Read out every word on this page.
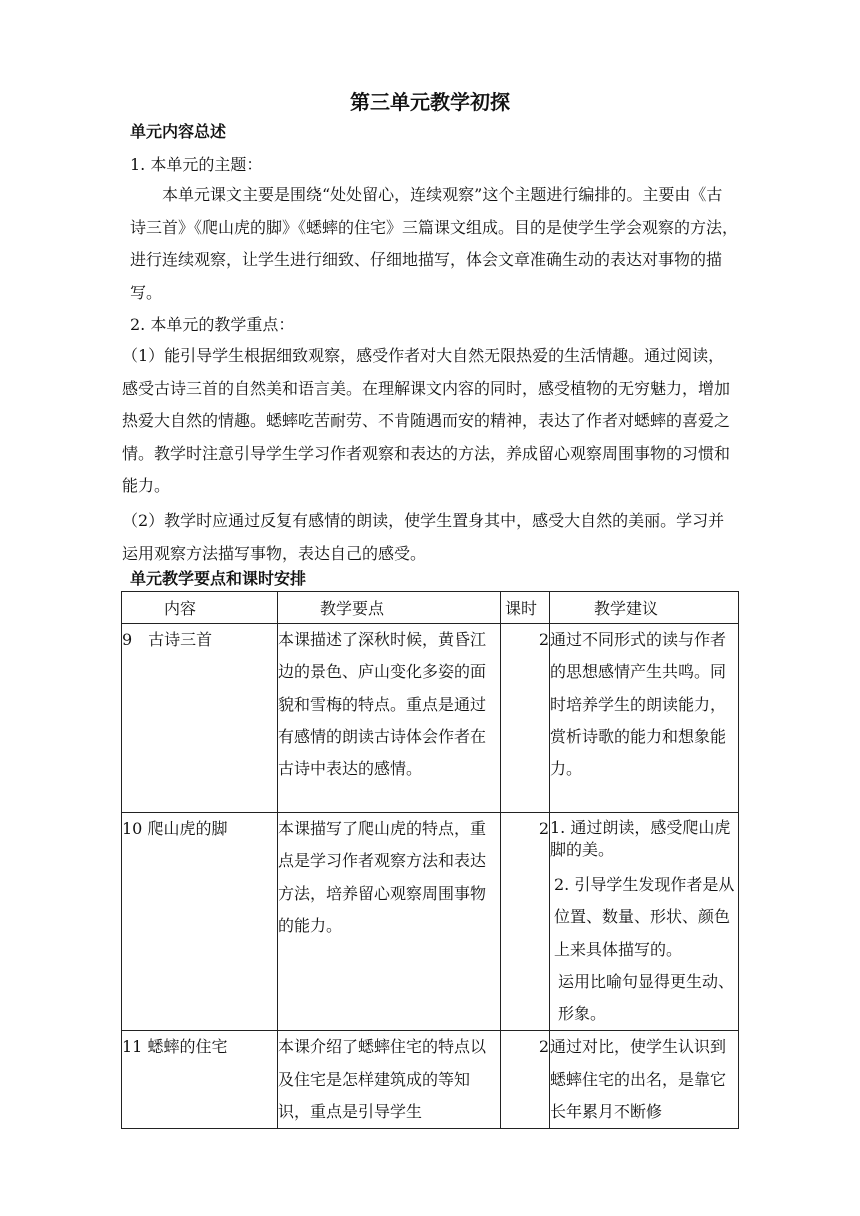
第三单元教学初探
单元内容总述
1. 本单元的主题：
本单元课文主要是围绕“处处留心，连续观察”这个主题进行编排的。主要由《古诗三首》《爬山虎的脚》《蟋蟀的住宅》三篇课文组成。目的是使学生学会观察的方法，进行连续观察，让学生进行细致、仔细地描写，体会文章准确生动的表达对事物的描写。
2. 本单元的教学重点：
（1）能引导学生根据细致观察，感受作者对大自然无限热爱的生活情趣。通过阅读，感受古诗三首的自然美和语言美。在理解课文内容的同时，感受植物的无穷魅力，增加热爱大自然的情趣。蟋蟀吃苦耐劳、不肯随遇而安的精神，表达了作者对蟋蟀的喜爱之情。教学时注意引导学生学习作者观察和表达的方法，养成留心观察周围事物的习惯和能力。
（2）教学时应通过反复有感情的朗读，使学生置身其中，感受大自然的美丽。学习并运用观察方法描写事物，表达自己的感受。
单元教学要点和课时安排
内容	教学要点	课时	教学建议
9　古诗三首	本课描述了深秋时候，黄昏江边的景色、庐山变化多姿的面貌和雪梅的特点。重点是通过有感情的朗读古诗体会作者在古诗中表达的感情。	2	通过不同形式的读与作者的思想感情产生共鸣。同时培养学生的朗读能力，赏析诗歌的能力和想象能力。
10 爬山虎的脚	本课描写了爬山虎的特点，重点是学习作者观察方法和表达方法，培养留心观察周围事物的能力。	2	1. 通过朗读，感受爬山虎脚的美。
2. 引导学生发现作者是从位置、数量、形状、颜色上来具体描写的。
运用比喻句显得更生动、形象。

11 蟋蟀的住宅	本课介绍了蟋蟀住宅的特点以及住宅是怎样建筑成的等知识，重点是引导学生	2	通过对比，使学生认识到蟋蟀住宅的出名，是靠它长年累月不断修
